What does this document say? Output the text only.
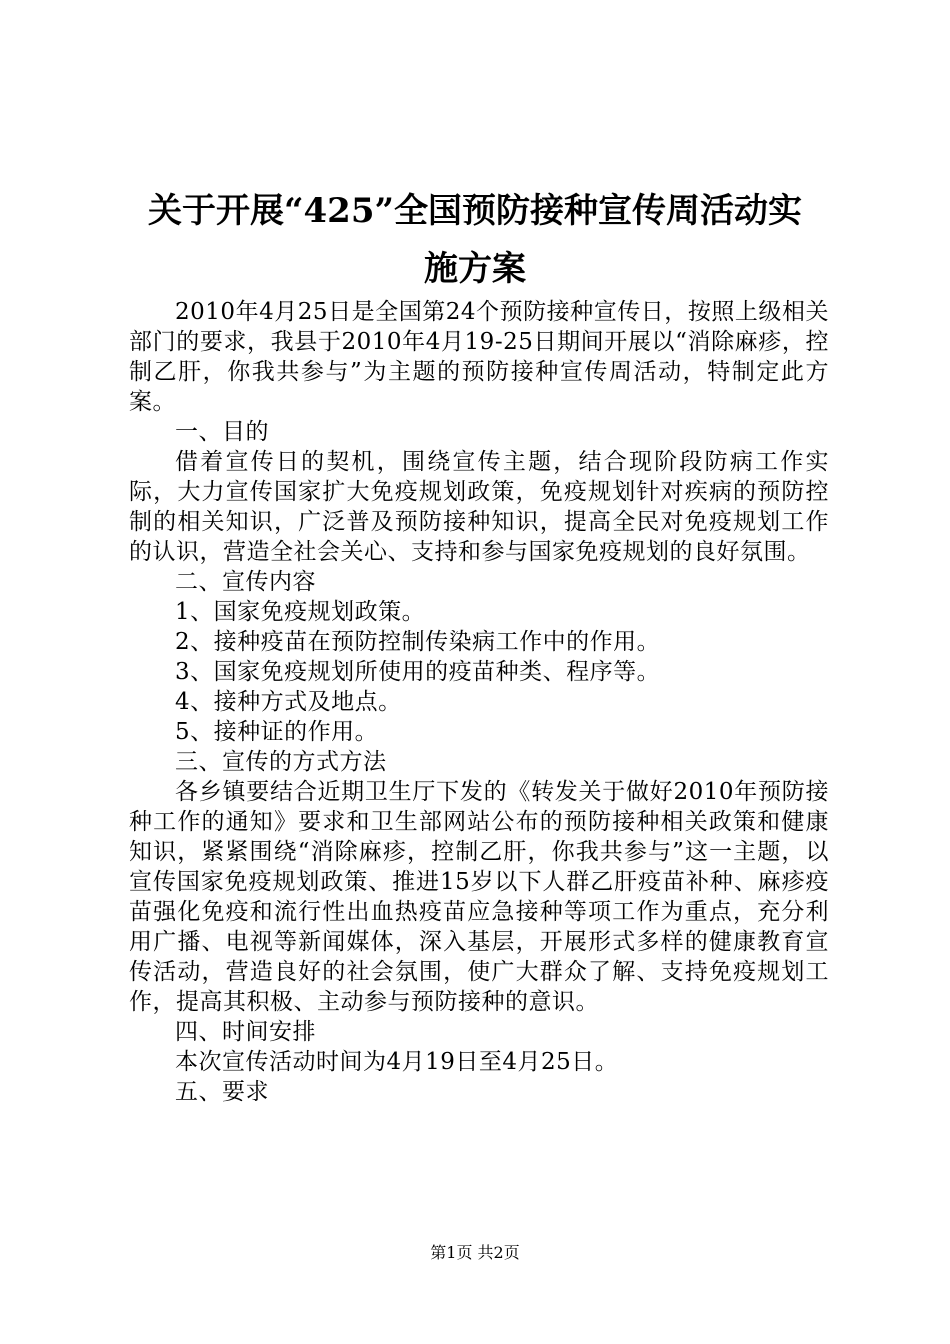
关于开展“425”全国预防接种宣传周活动实
施方案

2010年4月25日是全国第24个预防接种宣传日，按照上级相关部门的要求，我县于2010年4月19-25日期间开展以“消除麻疹，控制乙肝，你我共参与”为主题的预防接种宣传周活动，特制定此方案。

一、目的

借着宣传日的契机，围绕宣传主题，结合现阶段防病工作实际，大力宣传国家扩大免疫规划政策，免疫规划针对疾病的预防控制的相关知识，广泛普及预防接种知识，提高全民对免疫规划工作的认识，营造全社会关心、支持和参与国家免疫规划的良好氛围。

二、宣传内容

1、国家免疫规划政策。

2、接种疫苗在预防控制传染病工作中的作用。

3、国家免疫规划所使用的疫苗种类、程序等。

4、接种方式及地点。

5、接种证的作用。

三、宣传的方式方法

各乡镇要结合近期卫生厅下发的《转发关于做好2010年预防接种工作的通知》要求和卫生部网站公布的预防接种相关政策和健康知识，紧紧围绕“消除麻疹，控制乙肝，你我共参与”这一主题，以宣传国家免疫规划政策、推进15岁以下人群乙肝疫苗补种、麻疹疫苗强化免疫和流行性出血热疫苗应急接种等项工作为重点，充分利用广播、电视等新闻媒体，深入基层，开展形式多样的健康教育宣传活动，营造良好的社会氛围，使广大群众了解、支持免疫规划工作，提高其积极、主动参与预防接种的意识。

四、时间安排

本次宣传活动时间为4月19日至4月25日。

五、要求

第1页 共2页
